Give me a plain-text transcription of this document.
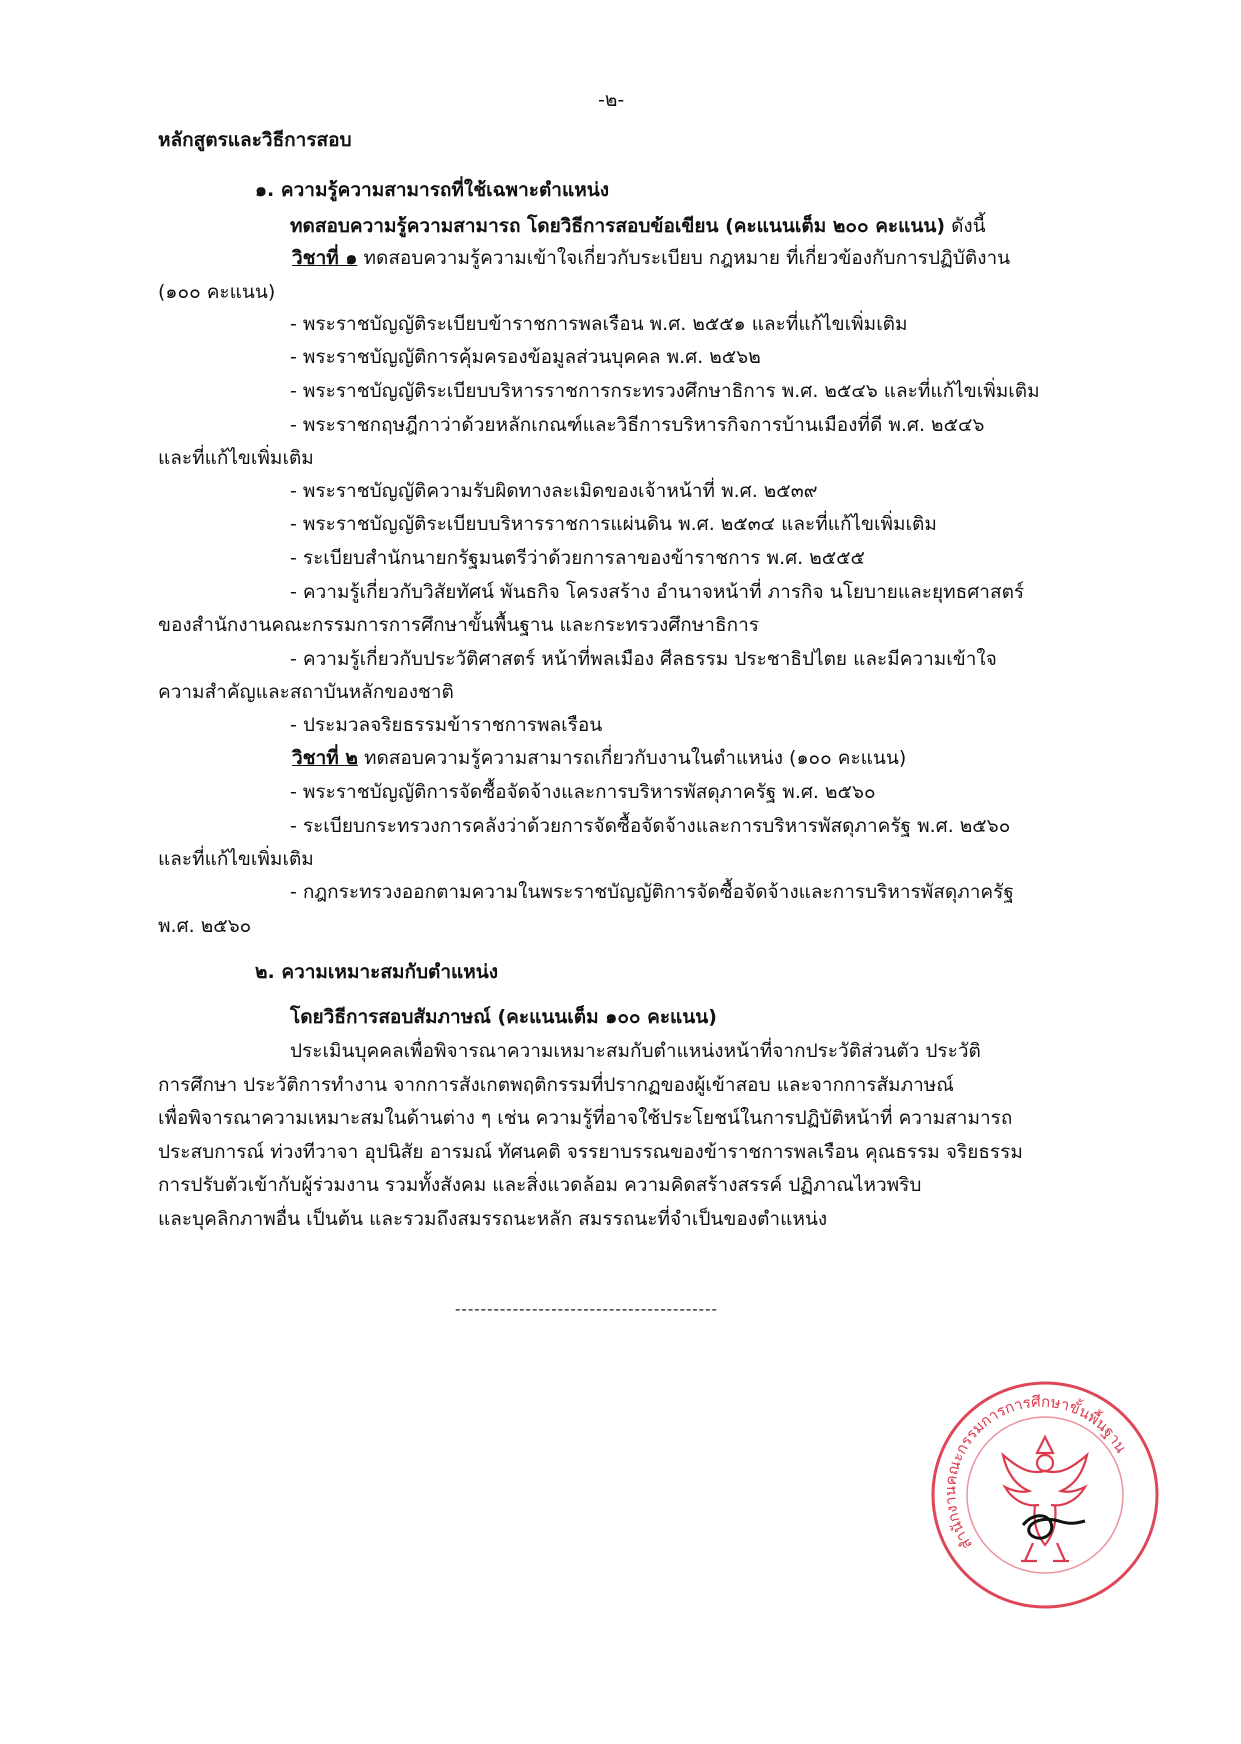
-๒-
หลักสูตรและวิธีการสอบ
๑. ความรู้ความสามารถที่ใช้เฉพาะตำแหน่ง
ทดสอบความรู้ความสามารถ โดยวิธีการสอบข้อเขียน (คะแนนเต็ม ๒๐๐ คะแนน) ดังนี้
วิชาที่ ๑ ทดสอบความรู้ความเข้าใจเกี่ยวกับระเบียบ กฎหมาย ที่เกี่ยวข้องกับการปฏิบัติงาน
(๑๐๐ คะแนน)
- พระราชบัญญัติระเบียบข้าราชการพลเรือน พ.ศ. ๒๕๕๑ และที่แก้ไขเพิ่มเติม
- พระราชบัญญัติการคุ้มครองข้อมูลส่วนบุคคล พ.ศ. ๒๕๖๒
- พระราชบัญญัติระเบียบบริหารราชการกระทรวงศึกษาธิการ พ.ศ. ๒๕๔๖ และที่แก้ไขเพิ่มเติม
- พระราชกฤษฎีกาว่าด้วยหลักเกณฑ์และวิธีการบริหารกิจการบ้านเมืองที่ดี พ.ศ. ๒๕๔๖
และที่แก้ไขเพิ่มเติม
- พระราชบัญญัติความรับผิดทางละเมิดของเจ้าหน้าที่ พ.ศ. ๒๕๓๙
- พระราชบัญญัติระเบียบบริหารราชการแผ่นดิน พ.ศ. ๒๕๓๔ และที่แก้ไขเพิ่มเติม
- ระเบียบสำนักนายกรัฐมนตรีว่าด้วยการลาของข้าราชการ พ.ศ. ๒๕๕๕
- ความรู้เกี่ยวกับวิสัยทัศน์ พันธกิจ โครงสร้าง อำนาจหน้าที่ ภารกิจ นโยบายและยุทธศาสตร์
ของสำนักงานคณะกรรมการการศึกษาขั้นพื้นฐาน และกระทรวงศึกษาธิการ
- ความรู้เกี่ยวกับประวัติศาสตร์ หน้าที่พลเมือง ศีลธรรม ประชาธิปไตย และมีความเข้าใจ
ความสำคัญและสถาบันหลักของชาติ
- ประมวลจริยธรรมข้าราชการพลเรือน
วิชาที่ ๒ ทดสอบความรู้ความสามารถเกี่ยวกับงานในตำแหน่ง (๑๐๐ คะแนน)
- พระราชบัญญัติการจัดซื้อจัดจ้างและการบริหารพัสดุภาครัฐ พ.ศ. ๒๕๖๐
- ระเบียบกระทรวงการคลังว่าด้วยการจัดซื้อจัดจ้างและการบริหารพัสดุภาครัฐ พ.ศ. ๒๕๖๐
และที่แก้ไขเพิ่มเติม
- กฎกระทรวงออกตามความในพระราชบัญญัติการจัดซื้อจัดจ้างและการบริหารพัสดุภาครัฐ
พ.ศ. ๒๕๖๐
๒. ความเหมาะสมกับตำแหน่ง
โดยวิธีการสอบสัมภาษณ์ (คะแนนเต็ม ๑๐๐ คะแนน)
ประเมินบุคคลเพื่อพิจารณาความเหมาะสมกับตำแหน่งหน้าที่จากประวัติส่วนตัว ประวัติ
การศึกษา ประวัติการทำงาน จากการสังเกตพฤติกรรมที่ปรากฏของผู้เข้าสอบ และจากการสัมภาษณ์
เพื่อพิจารณาความเหมาะสมในด้านต่าง ๆ เช่น ความรู้ที่อาจใช้ประโยชน์ในการปฏิบัติหน้าที่ ความสามารถ
ประสบการณ์ ท่วงทีวาจา อุปนิสัย อารมณ์ ทัศนคติ จรรยาบรรณของข้าราชการพลเรือน คุณธรรม จริยธรรม
การปรับตัวเข้ากับผู้ร่วมงาน รวมทั้งสังคม และสิ่งแวดล้อม ความคิดสร้างสรรค์ ปฏิภาณไหวพริบ
และบุคลิกภาพอื่น เป็นต้น และรวมถึงสมรรถนะหลัก สมรรถนะที่จำเป็นของตำแหน่ง
-----------------------------------------
สำนักงานคณะกรรมการการศึกษาขั้นพื้นฐาน
